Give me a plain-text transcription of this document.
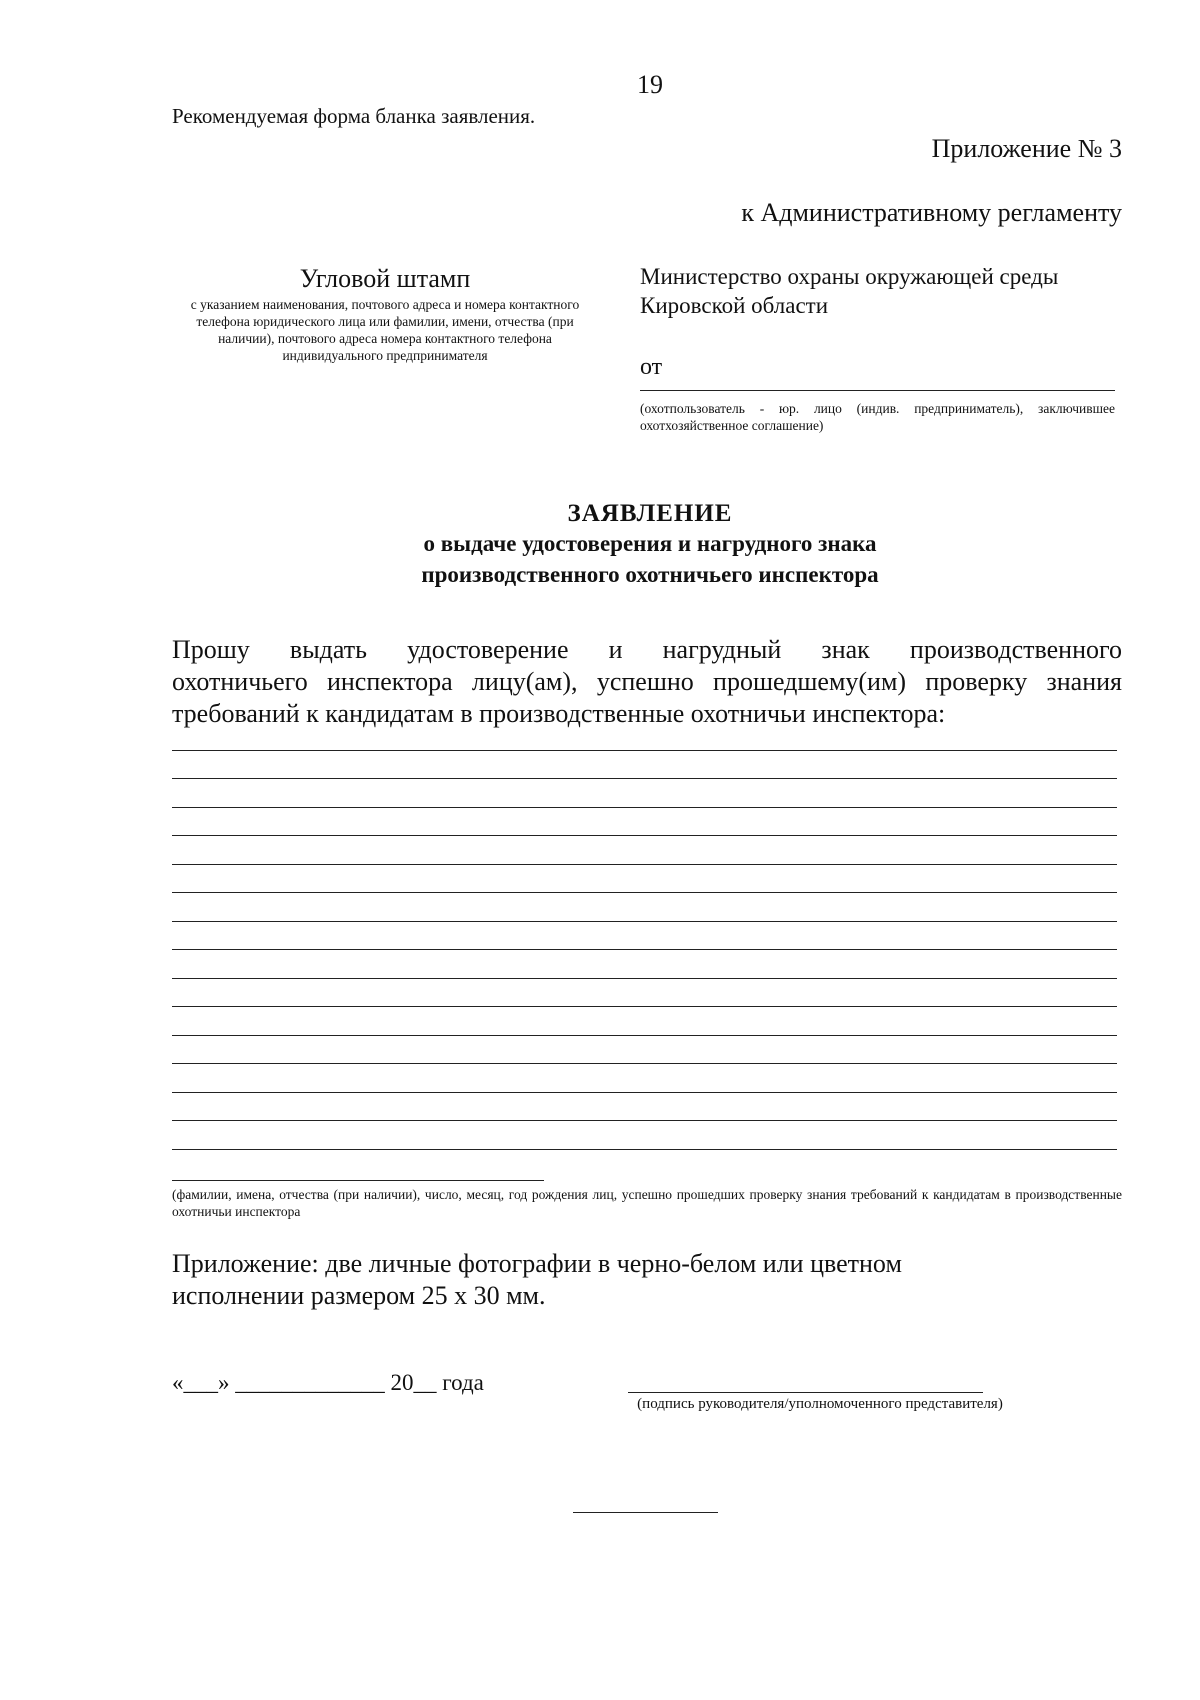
19
Рекомендуемая форма бланка заявления.
Приложение № 3
к Административному регламенту
Угловой штамп
с указанием наименования, почтового адреса и номера контактного
телефона юридического лица или фамилии, имени, отчества (при
наличии), почтового адреса номера контактного телефона
индивидуального предпринимателя
Министерство охраны окружающей среды
Кировской области
от
(охотпользователь - юр. лицо (индив. предприниматель), заключившее охотхозяйственное соглашение)
ЗАЯВЛЕНИЕ
о выдаче удостоверения и нагрудного знака
производственного охотничьего инспектора
Прошу выдать удостоверение и нагрудный знак производственного
охотничьего инспектора лицу(ам), успешно прошедшему(им) проверку знания
требований к кандидатам в производственные охотничьи инспектора:
(фамилии, имена, отчества (при наличии), число, месяц, год рождения лиц, успешно прошедших проверку знания требований к кандидатам в производственные охотничьи инспектора
Приложение: две личные фотографии в черно-белом или цветном
исполнении размером 25 х 30 мм.
«___» _____________ 20__ года
(подпись руководителя/уполномоченного представителя)
